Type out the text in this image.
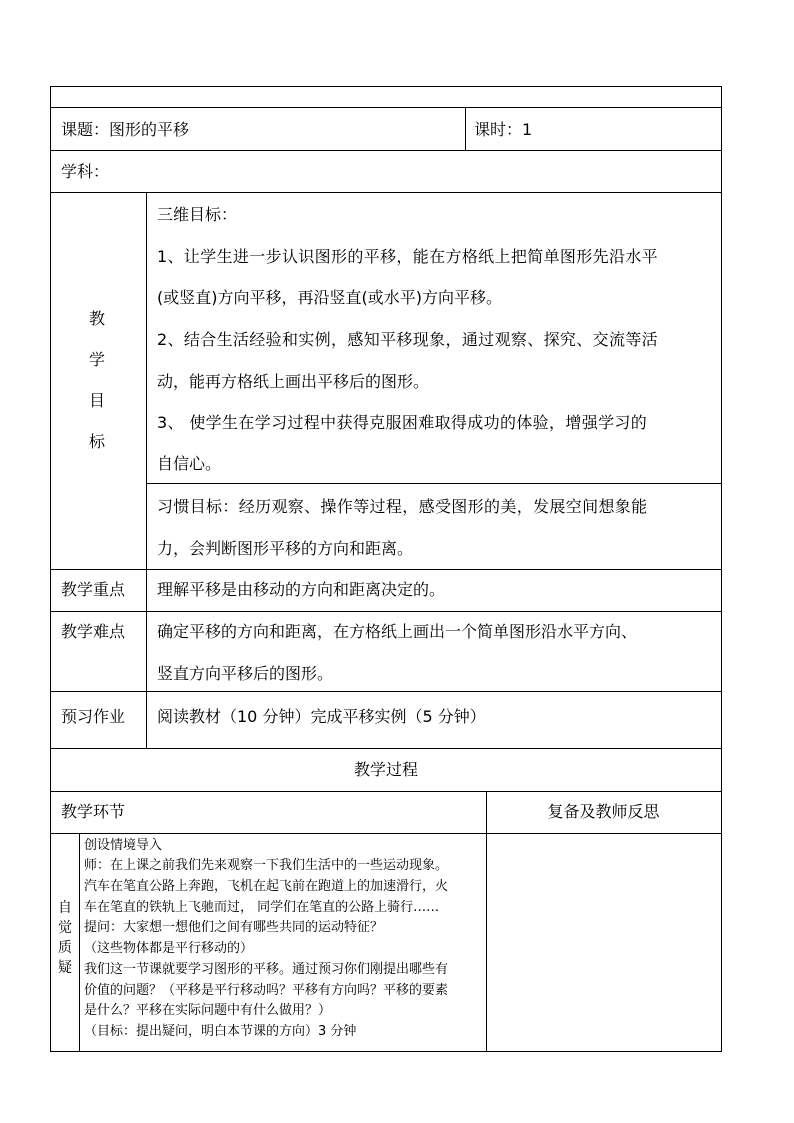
课题：图形的平移	课时：1
学科：
教
学
目
标
三维目标：
1、让学生进一步认识图形的平移，能在方格纸上把简单图形先沿水平
(或竖直)方向平移，再沿竖直(或水平)方向平移。
2、结合生活经验和实例，感知平移现象，通过观察、探究、交流等活
动，能再方格纸上画出平移后的图形。
3、 使学生在学习过程中获得克服困难取得成功的体验，增强学习的
自信心。
习惯目标：经历观察、操作等过程，感受图形的美，发展空间想象能
力，会判断图形平移的方向和距离。
教学重点 理解平移是由移动的方向和距离决定的。
教学难点 确定平移的方向和距离，在方格纸上画出一个简单图形沿水平方向、
竖直方向平移后的图形。
预习作业 阅读教材（10 分钟）完成平移实例（5 分钟）
教学过程
教学环节	复备及教师反思
自
觉
质
疑
创设情境导入
师：在上课之前我们先来观察一下我们生活中的一些运动现象。
汽车在笔直公路上奔跑，飞机在起飞前在跑道上的加速滑行，火
车在笔直的铁轨上飞驰而过， 同学们在笔直的公路上骑行……
提问：大家想一想他们之间有哪些共同的运动特征？
（这些物体都是平行移动的）
我们这一节课就要学习图形的平移。通过预习你们刚提出哪些有
价值的问题？（平移是平行移动吗？平移有方向吗？平移的要素
是什么？平移在实际问题中有什么做用？）
（目标：提出疑问，明白本节课的方向）3 分钟
